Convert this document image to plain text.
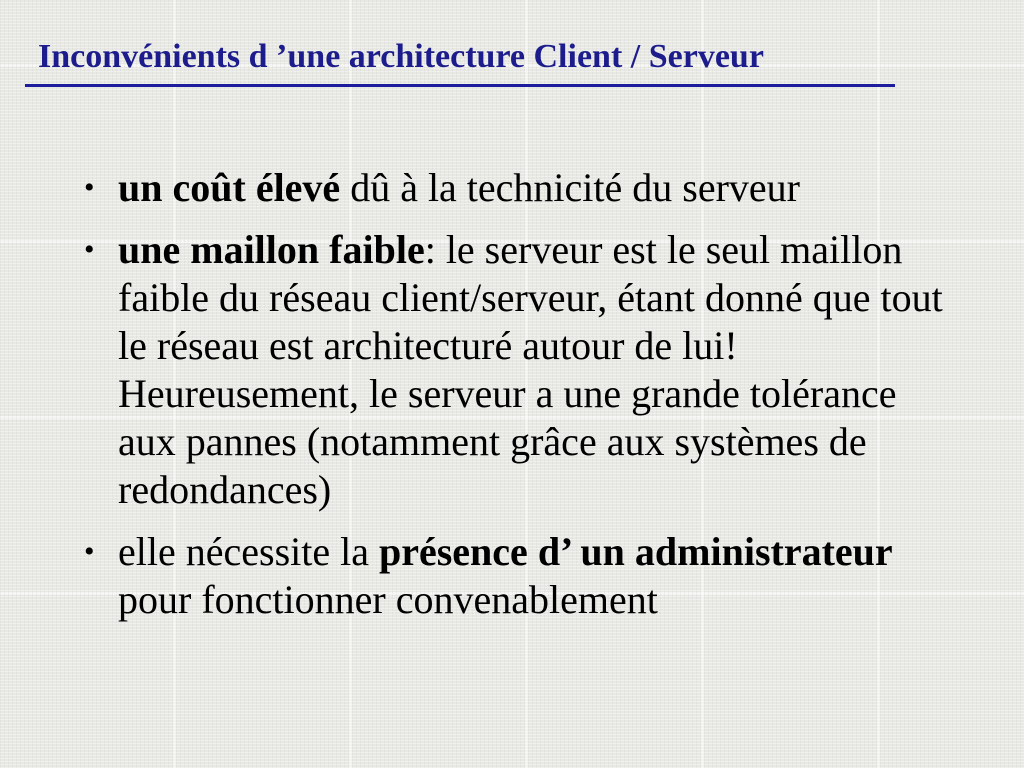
Inconvénients d ’une architecture Client / Serveur
• un coût élevé dû à la technicité du serveur
• une maillon faible: le serveur est le seul maillon faible du réseau client/serveur, étant donné que tout le réseau est architecturé autour de lui!
Heureusement, le serveur a une grande tolérance aux pannes (notamment grâce aux systèmes de redondances)
• elle nécessite la présence d’ un administrateur
pour fonctionner convenablement
